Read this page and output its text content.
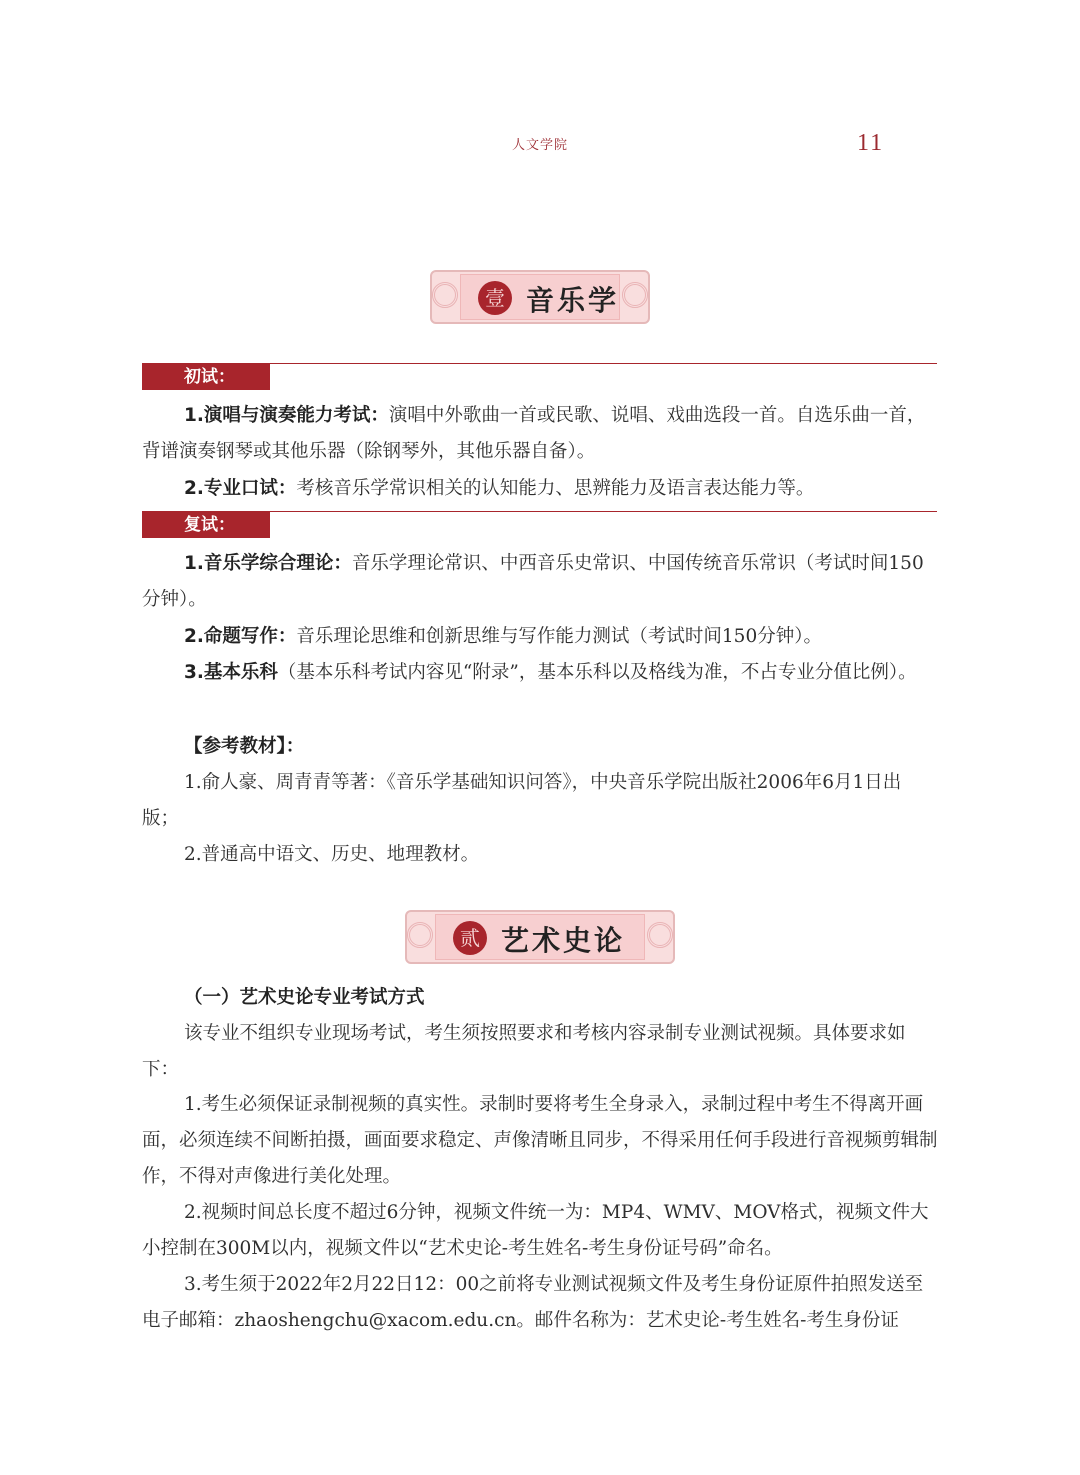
人文学院	11
壹 音乐学
初试：

1.演唱与演奏能力考试：演唱中外歌曲一首或民歌、说唱、戏曲选段一首。自选乐曲一首，背谱演奏钢琴或其他乐器（除钢琴外，其他乐器自备）。

2.专业口试：考核音乐学常识相关的认知能力、思辨能力及语言表达能力等。

复试：

1.音乐学综合理论：音乐学理论常识、中西音乐史常识、中国传统音乐常识（考试时间150分钟）。

2.命题写作：音乐理论思维和创新思维与写作能力测试（考试时间150分钟）。

3.基本乐科（基本乐科考试内容见“附录”，基本乐科以及格线为准，不占专业分值比例）。

【参考教材】：

1.俞人豪、周青青等著：《音乐学基础知识问答》，中央音乐学院出版社2006年6月1日出版；

2.普通高中语文、历史、地理教材。

贰 艺术史论

（一）艺术史论专业考试方式

该专业不组织专业现场考试，考生须按照要求和考核内容录制专业测试视频。具体要求如下：

1.考生必须保证录制视频的真实性。录制时要将考生全身录入，录制过程中考生不得离开画面，必须连续不间断拍摄，画面要求稳定、声像清晰且同步，不得采用任何手段进行音视频剪辑制作，不得对声像进行美化处理。

2.视频时间总长度不超过6分钟，视频文件统一为：MP4、WMV、MOV格式，视频文件大小控制在300M以内，视频文件以“艺术史论-考生姓名-考生身份证号码”命名。

3.考生须于2022年2月22日12：00之前将专业测试视频文件及考生身份证原件拍照发送至电子邮箱：zhaoshengchu@xacom.edu.cn。邮件名称为：艺术史论-考生姓名-考生身份证
